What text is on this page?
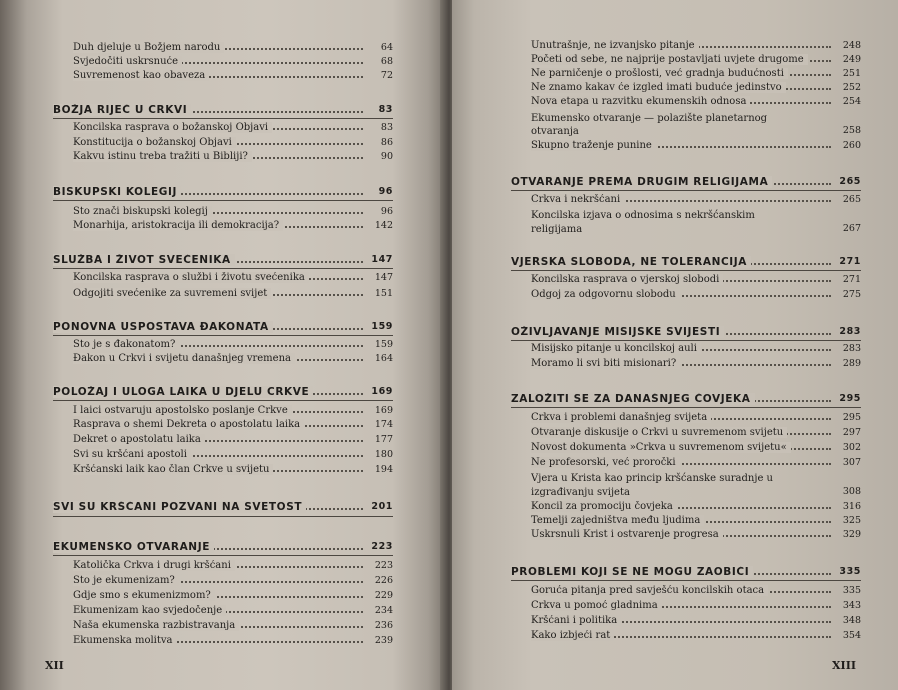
Duh djeluje u Božjem narodu	64
Svjedočiti uskrsnuće	68
Suvremenost kao obaveza	72
BOŽJA RIJEČ U CRKVI	83
Koncilska rasprava o božanskoj Objavi	83
Konstitucija o božanskoj Objavi	86
Kakvu istinu treba tražiti u Bibliji?	90
BISKUPSKI KOLEGIJ	96
Što znači biskupski kolegij	96
Monarhija, aristokracija ili demokracija?	142
SLUŽBA I ŽIVOT SVEĆENIKA	147
Koncilska rasprava o službi i životu svećenika	147
Odgojiti svećenike za suvremeni svijet	151
PONOVNA USPOSTAVA ĐAKONATA	159
Što je s đakonatom?	159
Đakon u Crkvi i svijetu današnjeg vremena	164
POLOŽAJ I ULOGA LAIKA U DJELU CRKVE	169
I laici ostvaruju apostolsko poslanje Crkve	169
Rasprava o shemi Dekreta o apostolatu laika	174
Dekret o apostolatu laika	177
Svi su kršćani apostoli	180
Kršćanski laik kao član Crkve u svijetu	194
SVI SU KRŠĆANI POZVANI NA SVETOST	201
EKUMENSKO OTVARANJE	223
Katolička Crkva i drugi kršćani	223
Što je ekumenizam?	226
Gdje smo s ekumenizmom?	229
Ekumenizam kao svjedočenje	234
Naša ekumenska razbistravanja	236
Ekumenska molitva	239
XII
Unutrašnje, ne izvanjsko pitanje	248
Početi od sebe, ne najprije postavljati uvjete drugome	249
Ne parničenje o prošlosti, već gradnja budućnosti	251
Ne znamo kakav će izgled imati buduće jedinstvo	252
Nova etapa u razvitku ekumenskih odnosa	254
Ekumensko otvaranje — polazište planetarnog otvaranja	258
Skupno traženje punine	260
OTVARANJE PREMA DRUGIM RELIGIJAMA	265
Crkva i nekršćani	265
Koncilska izjava o odnosima s nekršćanskim religijama	267
VJERSKA SLOBODA, NE TOLERANCIJA	271
Koncilska rasprava o vjerskoj slobodi	271
Odgoj za odgovornu slobodu	275
OŽIVLJAVANJE MISIJSKE SVIJESTI	283
Misijsko pitanje u koncilskoj auli	283
Moramo li svi biti misionari?	289
ZALOŽITI SE ZA DANAŠNJEG ČOVJEKA	295
Crkva i problemi današnjeg svijeta	295
Otvaranje diskusije o Crkvi u suvremenom svijetu	297
Novost dokumenta »Crkva u suvremenom svijetu«	302
Ne profesorski, već proročki	307
Vjera u Krista kao princip kršćanske suradnje u izgrađivanju svijeta	308
Koncil za promociju čovjeka	316
Temelji zajedništva među ljudima	325
Uskrsnuli Krist i ostvarenje progresa	329
PROBLEMI KOJI SE NE MOGU ZAOBIĆI	335
Goruća pitanja pred savješću koncilskih otaca	335
Crkva u pomoć gladnima	343
Kršćani i politika	348
Kako izbjeći rat	354
XIII
